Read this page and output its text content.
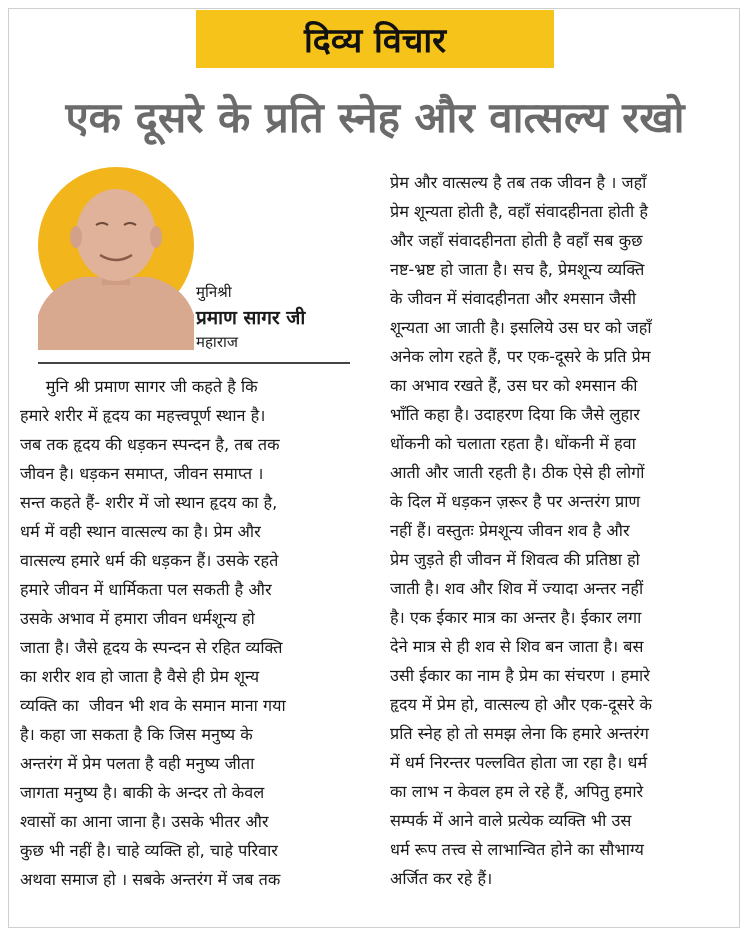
दिव्य विचार
एक दूसरे के प्रति स्नेह और वात्सल्य रखो
मुनिश्री
प्रमाण सागर जी
महाराज
मुनि श्री प्रमाण सागर जी कहते है कि
हमारे शरीर में हृदय का महत्त्वपूर्ण स्थान है।
जब तक हृदय की धड़कन स्पन्दन है, तब तक
जीवन है। धड़कन समाप्त, जीवन समाप्त ।
सन्त कहते हैं- शरीर में जो स्थान हृदय का है,
धर्म में वही स्थान वात्सल्य का है। प्रेम और
वात्सल्य हमारे धर्म की धड़कन हैं। उसके रहते
हमारे जीवन में धार्मिकता पल सकती है और
उसके अभाव में हमारा जीवन धर्मशून्य हो
जाता है। जैसे हृदय के स्पन्दन से रहित व्यक्ति
का शरीर शव हो जाता है वैसे ही प्रेम शून्य
व्यक्ति का  जीवन भी शव के समान माना गया
है। कहा जा सकता है कि जिस मनुष्य के
अन्तरंग में प्रेम पलता है वही मनुष्य जीता
जागता मनुष्य है। बाकी के अन्दर तो केवल
श्वासों का आना जाना है। उसके भीतर और
कुछ भी नहीं है। चाहे व्यक्ति हो, चाहे परिवार
अथवा समाज हो । सबके अन्तरंग में जब तक
प्रेम और वात्सल्य है तब तक जीवन है । जहाँ
प्रेम शून्यता होती है, वहाँ संवादहीनता होती है
और जहाँ संवादहीनता होती है वहाँ सब कुछ
नष्ट-भ्रष्ट हो जाता है। सच है, प्रेमशून्य व्यक्ति
के जीवन में संवादहीनता और श्मसान जैसी
शून्यता आ जाती है। इसलिये उस घर को जहाँ
अनेक लोग रहते हैं, पर एक-दूसरे के प्रति प्रेम
का अभाव रखते हैं, उस घर को श्मसान की
भाँति कहा है। उदाहरण दिया कि जैसे लुहार
धोंकनी को चलाता रहता है। धोंकनी में हवा
आती और जाती रहती है। ठीक ऐसे ही लोगों
के दिल में धड़कन ज़रूर है पर अन्तरंग प्राण
नहीं हैं। वस्तुतः प्रेमशून्य जीवन शव है और
प्रेम जुड़ते ही जीवन में शिवत्व की प्रतिष्ठा हो
जाती है। शव और शिव में ज्यादा अन्तर नहीं
है। एक ईकार मात्र का अन्तर है। ईकार लगा
देने मात्र से ही शव से शिव बन जाता है। बस
उसी ईकार का नाम है प्रेम का संचरण । हमारे
हृदय में प्रेम हो, वात्सल्य हो और एक-दूसरे के
प्रति स्नेह हो तो समझ लेना कि हमारे अन्तरंग
में धर्म निरन्तर पल्लवित होता जा रहा है। धर्म
का लाभ न केवल हम ले रहे हैं, अपितु हमारे
सम्पर्क में आने वाले प्रत्येक व्यक्ति भी उस
धर्म रूप तत्त्व से लाभान्वित होने का सौभाग्य
अर्जित कर रहे हैं।
